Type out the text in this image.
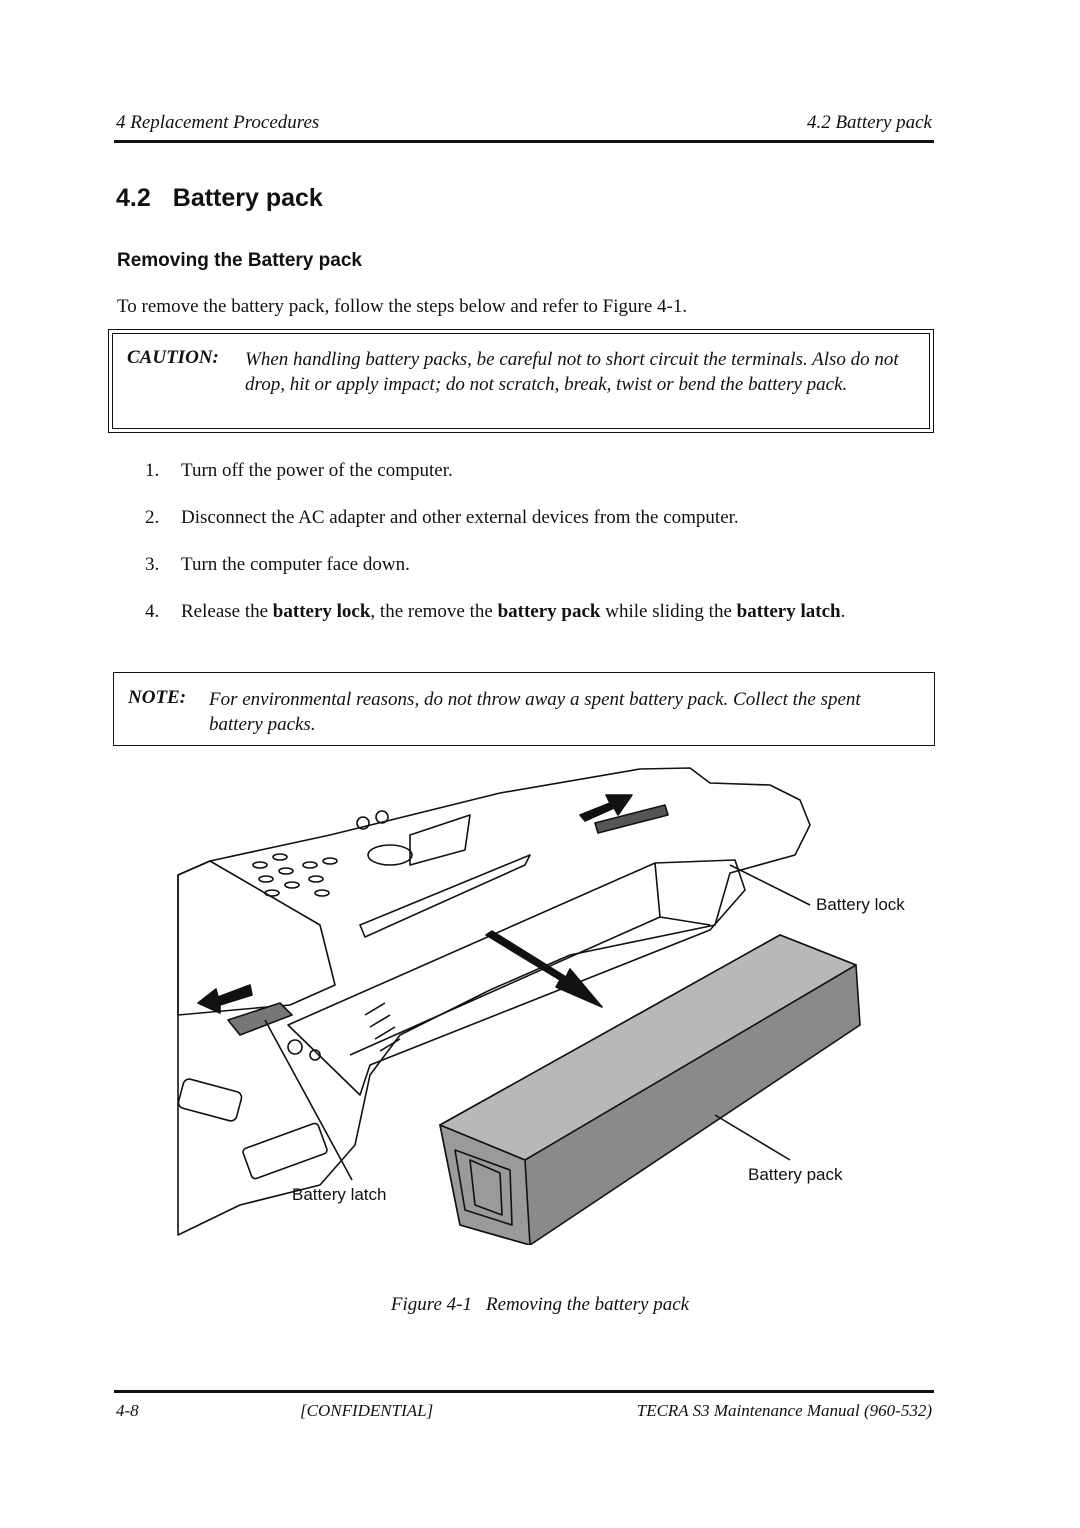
4 Replacement Procedures	4.2 Battery pack
4.2 Battery pack
Removing the Battery pack
To remove the battery pack, follow the steps below and refer to Figure 4-1.
CAUTION: When handling battery packs, be careful not to short circuit the terminals. Also do not drop, hit or apply impact; do not scratch, break, twist or bend the battery pack.
1. Turn off the power of the computer.
2. Disconnect the AC adapter and other external devices from the computer.
3. Turn the computer face down.
4. Release the battery lock, the remove the battery pack while sliding the battery latch.
NOTE: For environmental reasons, do not throw away a spent battery pack. Collect the spent battery packs.
Battery lock
Battery pack
Battery latch
Figure 4-1 Removing the battery pack
4-8	[CONFIDENTIAL]	TECRA S3 Maintenance Manual (960-532)
